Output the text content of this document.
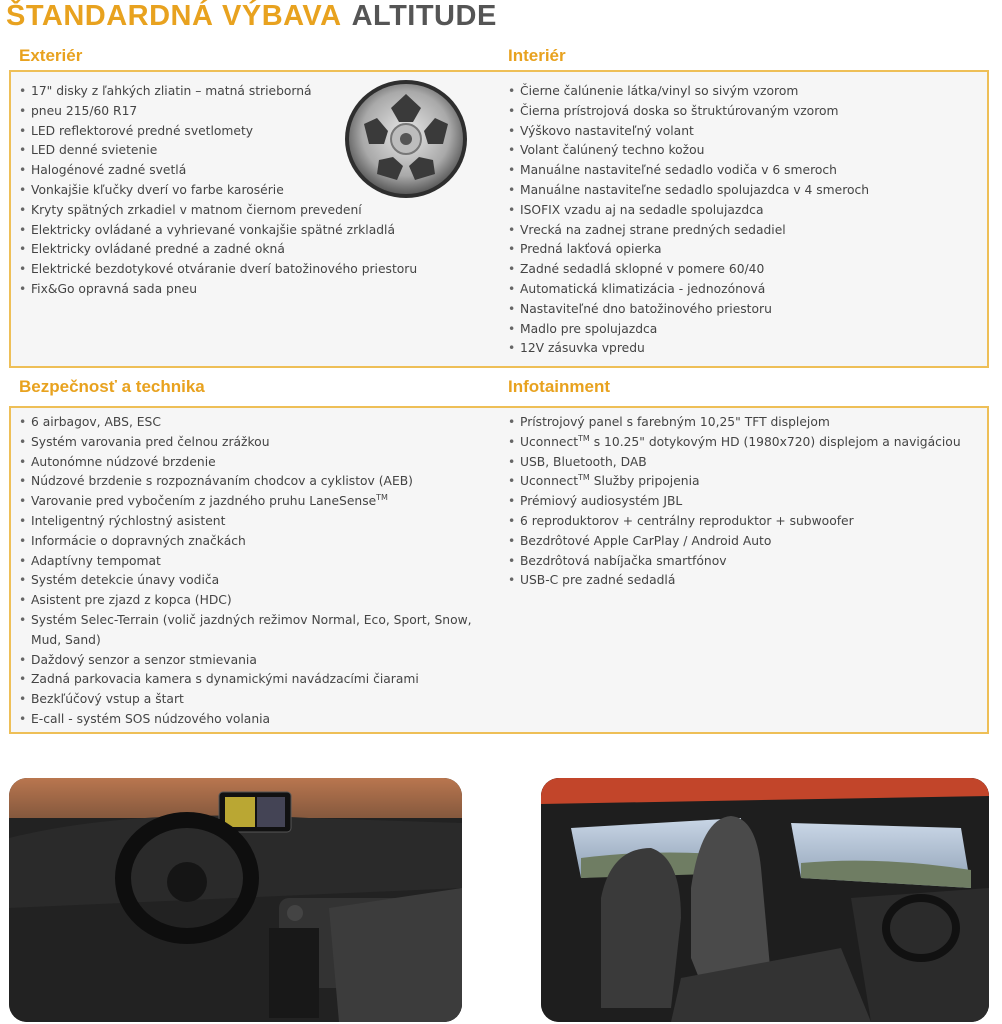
ŠTANDARDNÁ VÝBAVA ALTITUDE
Exteriér	Interiér
• 17" disky z ľahkých zliatin – matná strieborná
• pneu 215/60 R17
• LED reflektorové predné svetlomety
• LED denné svietenie
• Halogénové zadné svetlá
• Vonkajšie kľučky dverí vo farbe karosérie
• Kryty spätných zrkadiel v matnom čiernom prevedení
• Elektricky ovládané a vyhrievané vonkajšie spätné zrkladlá
• Elektricky ovládané predné a zadné okná
• Elektrické bezdotykové otváranie dverí batožinového priestoru
• Fix&Go opravná sada pneu
• Čierne čalúnenie látka/vinyl so sivým vzorom
• Čierna prístrojová doska so štruktúrovaným vzorom
• Výškovo nastaviteľný volant
• Volant čalúnený techno kožou
• Manuálne nastaviteľné sedadlo vodiča v 6 smeroch
• Manuálne nastaviteľne sedadlo spolujazdca v 4 smeroch
• ISOFIX vzadu aj na sedadle spolujazdca
• Vrecká na zadnej strane predných sedadiel
• Predná lakťová opierka
• Zadné sedadlá sklopné v pomere 60/40
• Automatická klimatizácia - jednozónová
• Nastaviteľné dno batožinového priestoru
• Madlo pre spolujazdca
• 12V zásuvka vpredu
Bezpečnosť a technika	Infotainment
• 6 airbagov, ABS, ESC
• Systém varovania pred čelnou zrážkou
• Autonómne núdzové brzdenie
• Núdzové brzdenie s rozpoznávaním chodcov a cyklistov (AEB)
• Varovanie pred vybočením z jazdného pruhu LaneSense™
• Inteligentný rýchlostný asistent
• Informácie o dopravných značkách
• Adaptívny tempomat
• Systém detekcie únavy vodiča
• Asistent pre zjazd z kopca (HDC)
• Systém Selec-Terrain (volič jazdných režimov Normal, Eco, Sport, Snow, Mud, Sand)
• Daždový senzor a senzor stmievania
• Zadná parkovacia kamera s dynamickými navádzacími čiarami
• Bezkľúčový vstup a štart
• E-call - systém SOS núdzového volania
• Prístrojový panel s farebným 10,25" TFT displejom
• Uconnect™ s 10.25" dotykovým HD (1980x720) displejom a navigáciou
• USB, Bluetooth, DAB
• Uconnect™ Služby pripojenia
• Prémiový audiosystém JBL
• 6 reproduktorov + centrálny reproduktor + subwoofer
• Bezdrôtové Apple CarPlay / Android Auto
• Bezdrôtová nabíjačka smartfónov
• USB-C pre zadné sedadlá
